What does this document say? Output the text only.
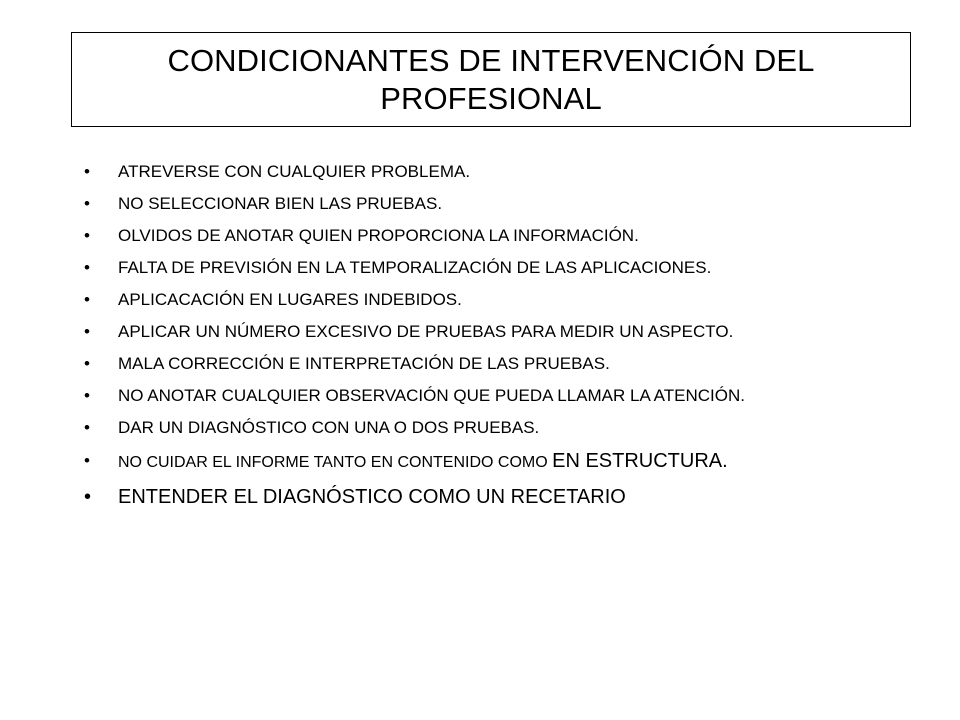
CONDICIONANTES DE INTERVENCIÓN DEL PROFESIONAL
•	ATREVERSE CON CUALQUIER PROBLEMA.
•	NO SELECCIONAR BIEN LAS PRUEBAS.
•	OLVIDOS DE ANOTAR QUIEN PROPORCIONA LA INFORMACIÓN.
•	FALTA DE PREVISIÓN EN LA TEMPORALIZACIÓN DE LAS APLICACIONES.
•	APLICACACIÓN EN LUGARES INDEBIDOS.
•	APLICAR UN NÚMERO EXCESIVO DE PRUEBAS PARA MEDIR UN ASPECTO.
•	MALA CORRECCIÓN E INTERPRETACIÓN DE LAS PRUEBAS.
•	NO ANOTAR CUALQUIER OBSERVACIÓN QUE PUEDA LLAMAR LA ATENCIÓN.
•	DAR UN DIAGNÓSTICO CON UNA O DOS PRUEBAS.
•	NO CUIDAR EL INFORME TANTO EN CONTENIDO COMO EN ESTRUCTURA.
•	ENTENDER EL DIAGNÓSTICO COMO UN RECETARIO
